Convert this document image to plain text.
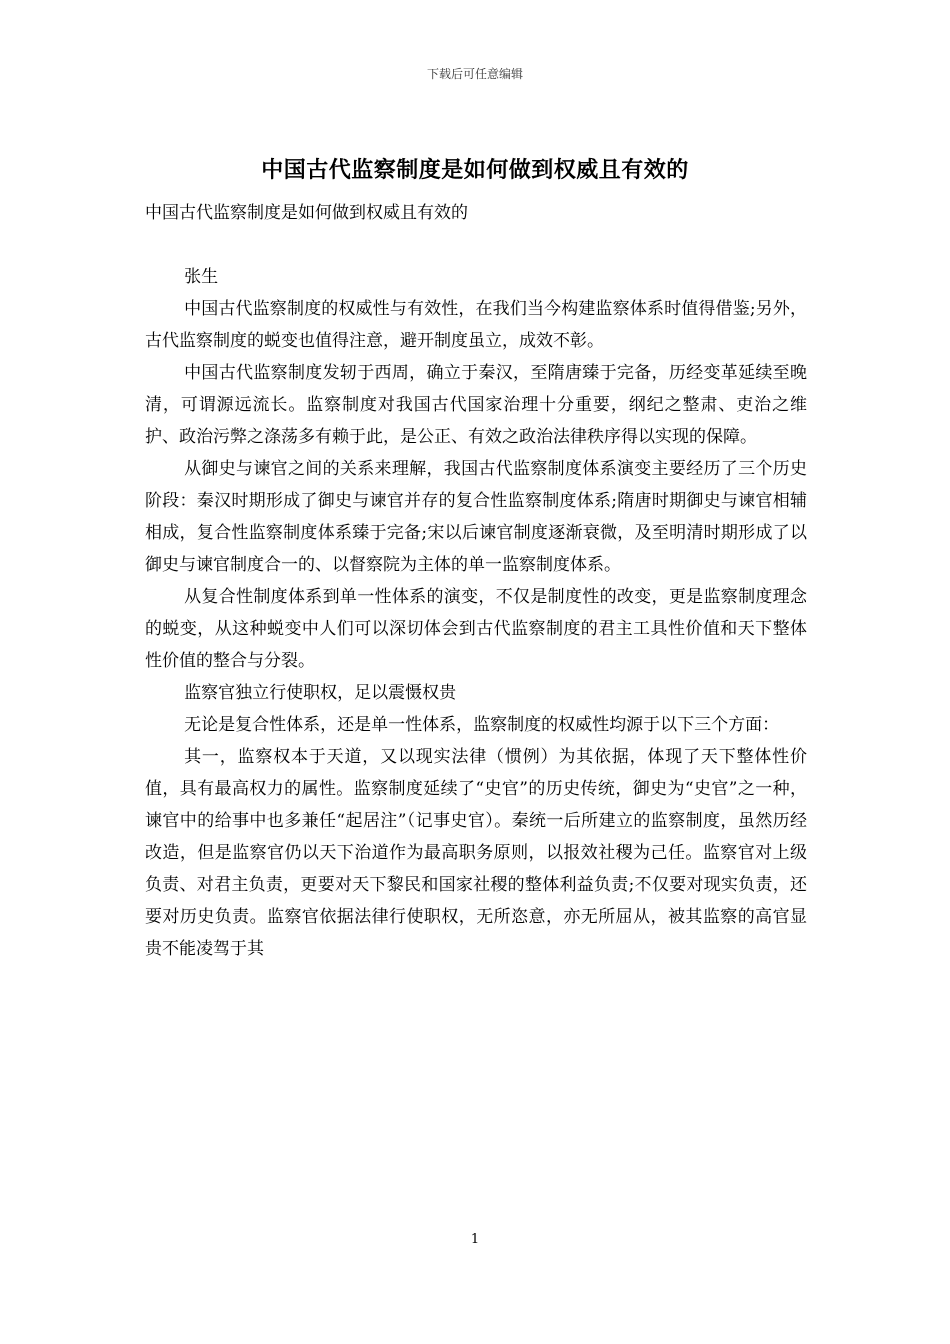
下载后可任意编辑
中国古代监察制度是如何做到权威且有效的

中国古代监察制度是如何做到权威且有效的

张生

中国古代监察制度的权威性与有效性，在我们当今构建监察体系时值得借鉴;另外，古代监察制度的蜕变也值得注意，避开制度虽立，成效不彰。

中国古代监察制度发轫于西周，确立于秦汉，至隋唐臻于完备，历经变革延续至晚清，可谓源远流长。监察制度对我国古代国家治理十分重要，纲纪之整肃、吏治之维护、政治污弊之涤荡多有赖于此，是公正、有效之政治法律秩序得以实现的保障。

从御史与谏官之间的关系来理解，我国古代监察制度体系演变主要经历了三个历史阶段：秦汉时期形成了御史与谏官并存的复合性监察制度体系;隋唐时期御史与谏官相辅相成，复合性监察制度体系臻于完备;宋以后谏官制度逐渐衰微，及至明清时期形成了以御史与谏官制度合一的、以督察院为主体的单一监察制度体系。

从复合性制度体系到单一性体系的演变，不仅是制度性的改变，更是监察制度理念的蜕变，从这种蜕变中人们可以深切体会到古代监察制度的君主工具性价值和天下整体性价值的整合与分裂。

监察官独立行使职权，足以震慑权贵

无论是复合性体系，还是单一性体系，监察制度的权威性均源于以下三个方面：

其一，监察权本于天道，又以现实法律（惯例）为其依据，体现了天下整体性价值，具有最高权力的属性。监察制度延续了“史官”的历史传统，御史为“史官”之一种，谏官中的给事中也多兼任“起居注”（记事史官）。秦统一后所建立的监察制度，虽然历经改造，但是监察官仍以天下治道作为最高职务原则，以报效社稷为己任。监察官对上级负责、对君主负责，更要对天下黎民和国家社稷的整体利益负责;不仅要对现实负责，还要对历史负责。监察官依据法律行使职权，无所恣意，亦无所屈从，被其监察的高官显贵不能凌驾于其

1
